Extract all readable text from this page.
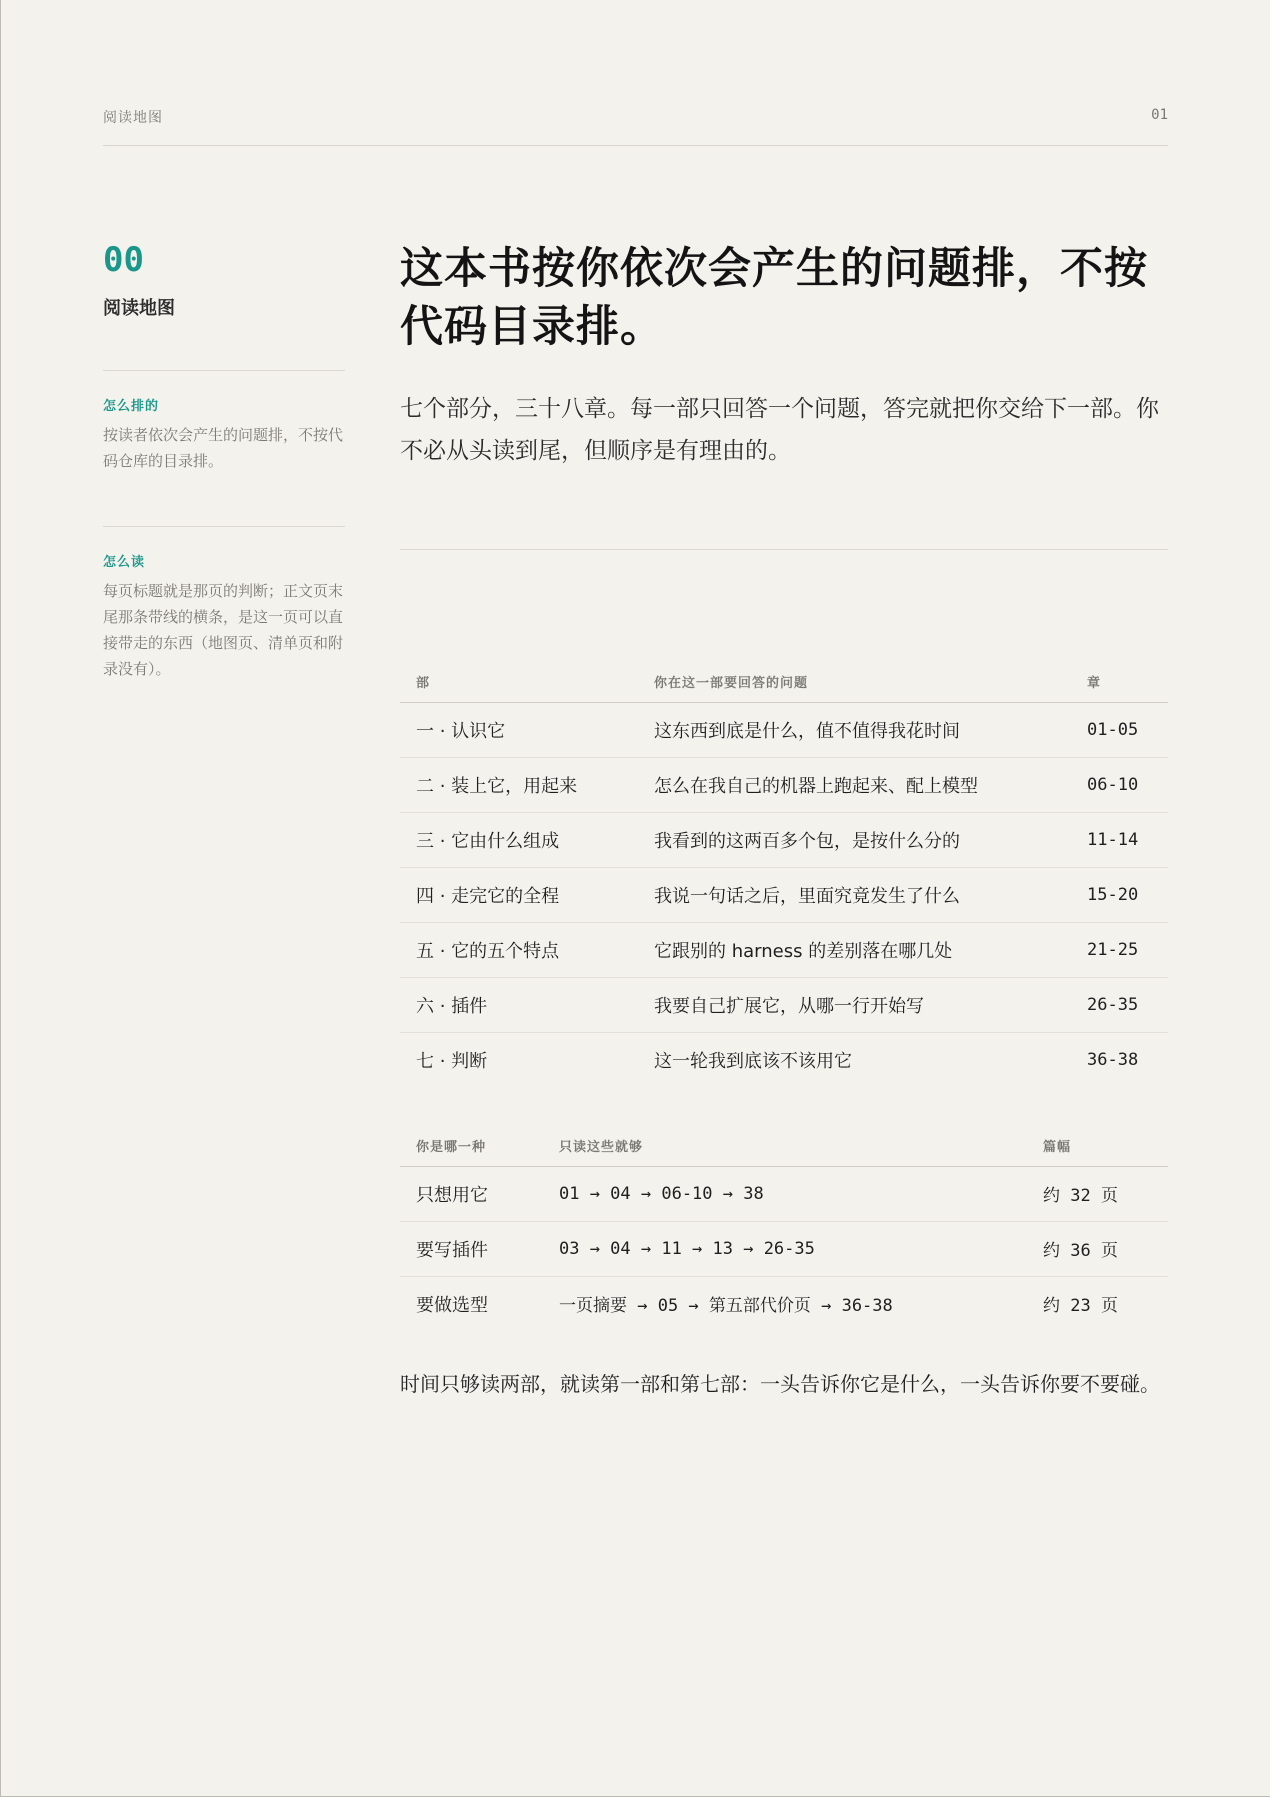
阅读地图	01
00
阅读地图
怎么排的
按读者依次会产生的问题排，不按代码仓库的目录排。
怎么读
每页标题就是那页的判断；正文页末尾那条带线的横条，是这一页可以直接带走的东西（地图页、清单页和附录没有）。
这本书按你依次会产生的问题排，不按代码目录排。

七个部分，三十八章。每一部只回答一个问题，答完就把你交给下一部。你不必从头读到尾，但顺序是有理由的。

部	你在这一部要回答的问题	章
一 · 认识它	这东西到底是什么，值不值得我花时间	01-05
二 · 装上它，用起来	怎么在我自己的机器上跑起来、配上模型	06-10
三 · 它由什么组成	我看到的这两百多个包，是按什么分的	11-14
四 · 走完它的全程	我说一句话之后，里面究竟发生了什么	15-20
五 · 它的五个特点	它跟别的 harness 的差别落在哪几处	21-25
六 · 插件	我要自己扩展它，从哪一行开始写	26-35
七 · 判断	这一轮我到底该不该用它	36-38
你是哪一种	只读这些就够	篇幅
只想用它	01 → 04 → 06-10 → 38	约 32 页
要写插件	03 → 04 → 11 → 13 → 26-35	约 36 页
要做选型	一页摘要 → 05 → 第五部代价页 → 36-38	约 23 页

时间只够读两部，就读第一部和第七部：一头告诉你它是什么，一头告诉你要不要碰。
